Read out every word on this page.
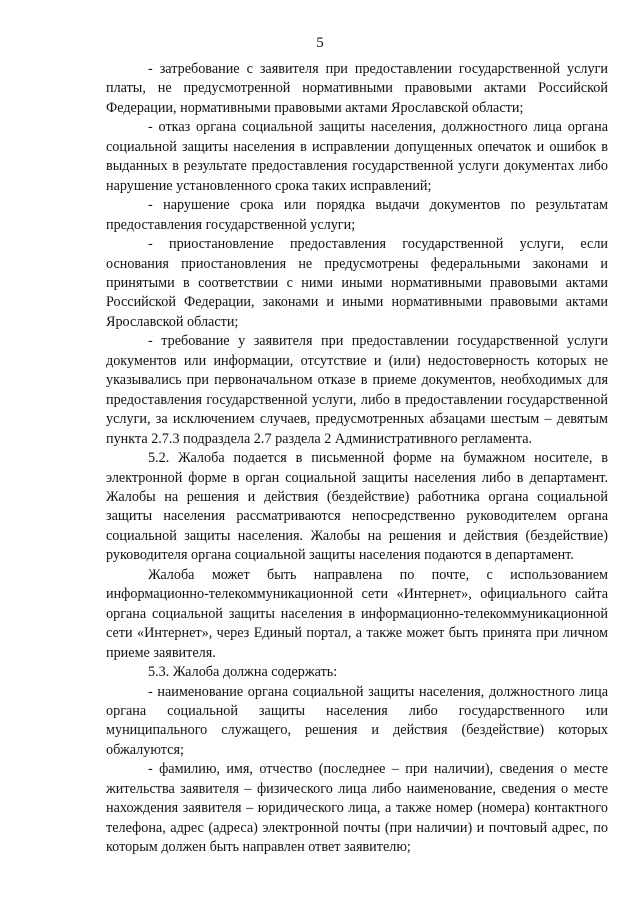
5

- затребование с заявителя при предоставлении государственной услуги платы, не предусмотренной нормативными правовыми актами Российской Федерации, нормативными правовыми актами Ярославской области;

- отказ органа социальной защиты населения, должностного лица органа социальной защиты населения в исправлении допущенных опечаток и ошибок в выданных в результате предоставления государственной услуги документах либо нарушение установленного срока таких исправлений;

- нарушение срока или порядка выдачи документов по результатам предоставления государственной услуги;

- приостановление предоставления государственной услуги, если основания приостановления не предусмотрены федеральными законами и принятыми в соответствии с ними иными нормативными правовыми актами Российской Федерации, законами и иными нормативными правовыми актами Ярославской области;

- требование у заявителя при предоставлении государственной услуги документов или информации, отсутствие и (или) недостоверность которых не указывались при первоначальном отказе в приеме документов, необходимых для предоставления государственной услуги, либо в предоставлении государственной услуги, за исключением случаев, предусмотренных абзацами шестым – девятым пункта 2.7.3 подраздела 2.7 раздела 2 Административного регламента.

5.2. Жалоба подается в письменной форме на бумажном носителе, в электронной форме в орган социальной защиты населения либо в департамент. Жалобы на решения и действия (бездействие) работника органа социальной защиты населения рассматриваются непосредственно руководителем органа социальной защиты населения. Жалобы на решения и действия (бездействие) руководителя органа социальной защиты населения подаются в департамент.

Жалоба может быть направлена по почте, с использованием информационно-телекоммуникационной сети «Интернет», официального сайта органа социальной защиты населения в информационно-телекоммуникационной сети «Интернет», через Единый портал, а также может быть принята при личном приеме заявителя.

5.3. Жалоба должна содержать:

- наименование органа социальной защиты населения, должностного лица органа социальной защиты населения либо государственного или муниципального служащего, решения и действия (бездействие) которых обжалуются;

- фамилию, имя, отчество (последнее – при наличии), сведения о месте жительства заявителя – физического лица либо наименование, сведения о месте нахождения заявителя – юридического лица, а также номер (номера) контактного телефона, адрес (адреса) электронной почты (при наличии) и почтовый адрес, по которым должен быть направлен ответ заявителю;
